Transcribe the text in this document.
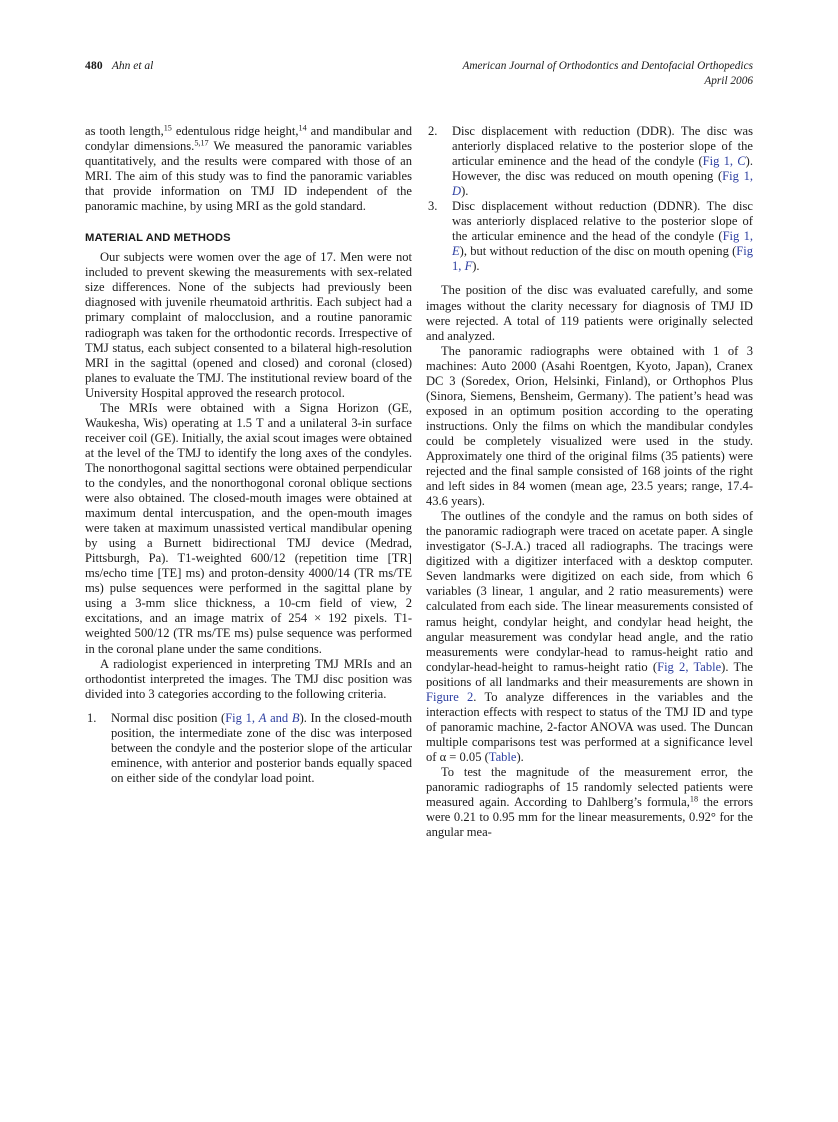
480 Ahn et al	American Journal of Orthodontics and Dentofacial Orthopedics
April 2006

as tooth length,$^{15}$ edentulous ridge height,$^{14}$ and mandibular and condylar dimensions.$^{5,17}$ We measured the panoramic variables quantitatively, and the results were compared with those of an MRI. The aim of this study was to find the panoramic variables that provide information on TMJ ID independent of the panoramic machine, by using MRI as the gold standard.

MATERIAL AND METHODS

Our subjects were women over the age of 17. Men were not included to prevent skewing the measurements with sex-related size differences. None of the subjects had previously been diagnosed with juvenile rheumatoid arthritis. Each subject had a primary complaint of malocclusion, and a routine panoramic radiograph was taken for the orthodontic records. Irrespective of TMJ status, each subject consented to a bilateral high-resolution MRI in the sagittal (opened and closed) and coronal (closed) planes to evaluate the TMJ. The institutional review board of the University Hospital approved the research protocol.

The MRIs were obtained with a Signa Horizon (GE, Waukesha, Wis) operating at 1.5 T and a unilateral 3-in surface receiver coil (GE). Initially, the axial scout images were obtained at the level of the TMJ to identify the long axes of the condyles. The nonorthogonal sagittal sections were obtained perpendicular to the condyles, and the nonorthogonal coronal oblique sections were also obtained. The closed-mouth images were obtained at maximum dental intercuspation, and the open-mouth images were taken at maximum unassisted vertical mandibular opening by using a Burnett bidirectional TMJ device (Medrad, Pittsburgh, Pa). T1-weighted 600/12 (repetition time [TR] ms/echo time [TE] ms) and proton-density 4000/14 (TR ms/TE ms) pulse sequences were performed in the sagittal plane by using a 3-mm slice thickness, a 10-cm field of view, 2 excitations, and an image matrix of 254 × 192 pixels. T1-weighted 500/12 (TR ms/TE ms) pulse sequence was performed in the coronal plane under the same conditions.

A radiologist experienced in interpreting TMJ MRIs and an orthodontist interpreted the images. The TMJ disc position was divided into 3 categories according to the following criteria.

1.	Normal disc position (Fig 1, A and B). In the closed-mouth position, the intermediate zone of the disc was interposed between the condyle and the posterior slope of the articular eminence, with anterior and posterior bands equally spaced on either side of the condylar load point.
2.	Disc displacement with reduction (DDR). The disc was anteriorly displaced relative to the posterior slope of the articular eminence and the head of the condyle (Fig 1, C). However, the disc was reduced on mouth opening (Fig 1, D).
3.	Disc displacement without reduction (DDNR). The disc was anteriorly displaced relative to the posterior slope of the articular eminence and the head of the condyle (Fig 1, E), but without reduction of the disc on mouth opening (Fig 1, F).

The position of the disc was evaluated carefully, and some images without the clarity necessary for diagnosis of TMJ ID were rejected. A total of 119 patients were originally selected and analyzed.

The panoramic radiographs were obtained with 1 of 3 machines: Auto 2000 (Asahi Roentgen, Kyoto, Japan), Cranex DC 3 (Soredex, Orion, Helsinki, Finland), or Orthophos Plus (Sinora, Siemens, Bensheim, Germany). The patient’s head was exposed in an optimum position according to the operating instructions. Only the films on which the mandibular condyles could be completely visualized were used in the study. Approximately one third of the original films (35 patients) were rejected and the final sample consisted of 168 joints of the right and left sides in 84 women (mean age, 23.5 years; range, 17.4-43.6 years).

The outlines of the condyle and the ramus on both sides of the panoramic radiograph were traced on acetate paper. A single investigator (S-J.A.) traced all radiographs. The tracings were digitized with a digitizer interfaced with a desktop computer. Seven landmarks were digitized on each side, from which 6 variables (3 linear, 1 angular, and 2 ratio measurements) were calculated from each side. The linear measurements consisted of ramus height, condylar height, and condylar head height, the angular measurement was condylar head angle, and the ratio measurements were condylar-head to ramus-height ratio and condylar-head-height to ramus-height ratio (Fig 2, Table). The positions of all landmarks and their measurements are shown in Figure 2. To analyze differences in the variables and the interaction effects with respect to status of the TMJ ID and type of panoramic machine, 2-factor ANOVA was used. The Duncan multiple comparisons test was performed at a significance level of α = 0.05 (Table).

To test the magnitude of the measurement error, the panoramic radiographs of 15 randomly selected patients were measured again. According to Dahlberg’s formula,$^{18}$ the errors were 0.21 to 0.95 mm for the linear measurements, 0.92° for the angular mea-
